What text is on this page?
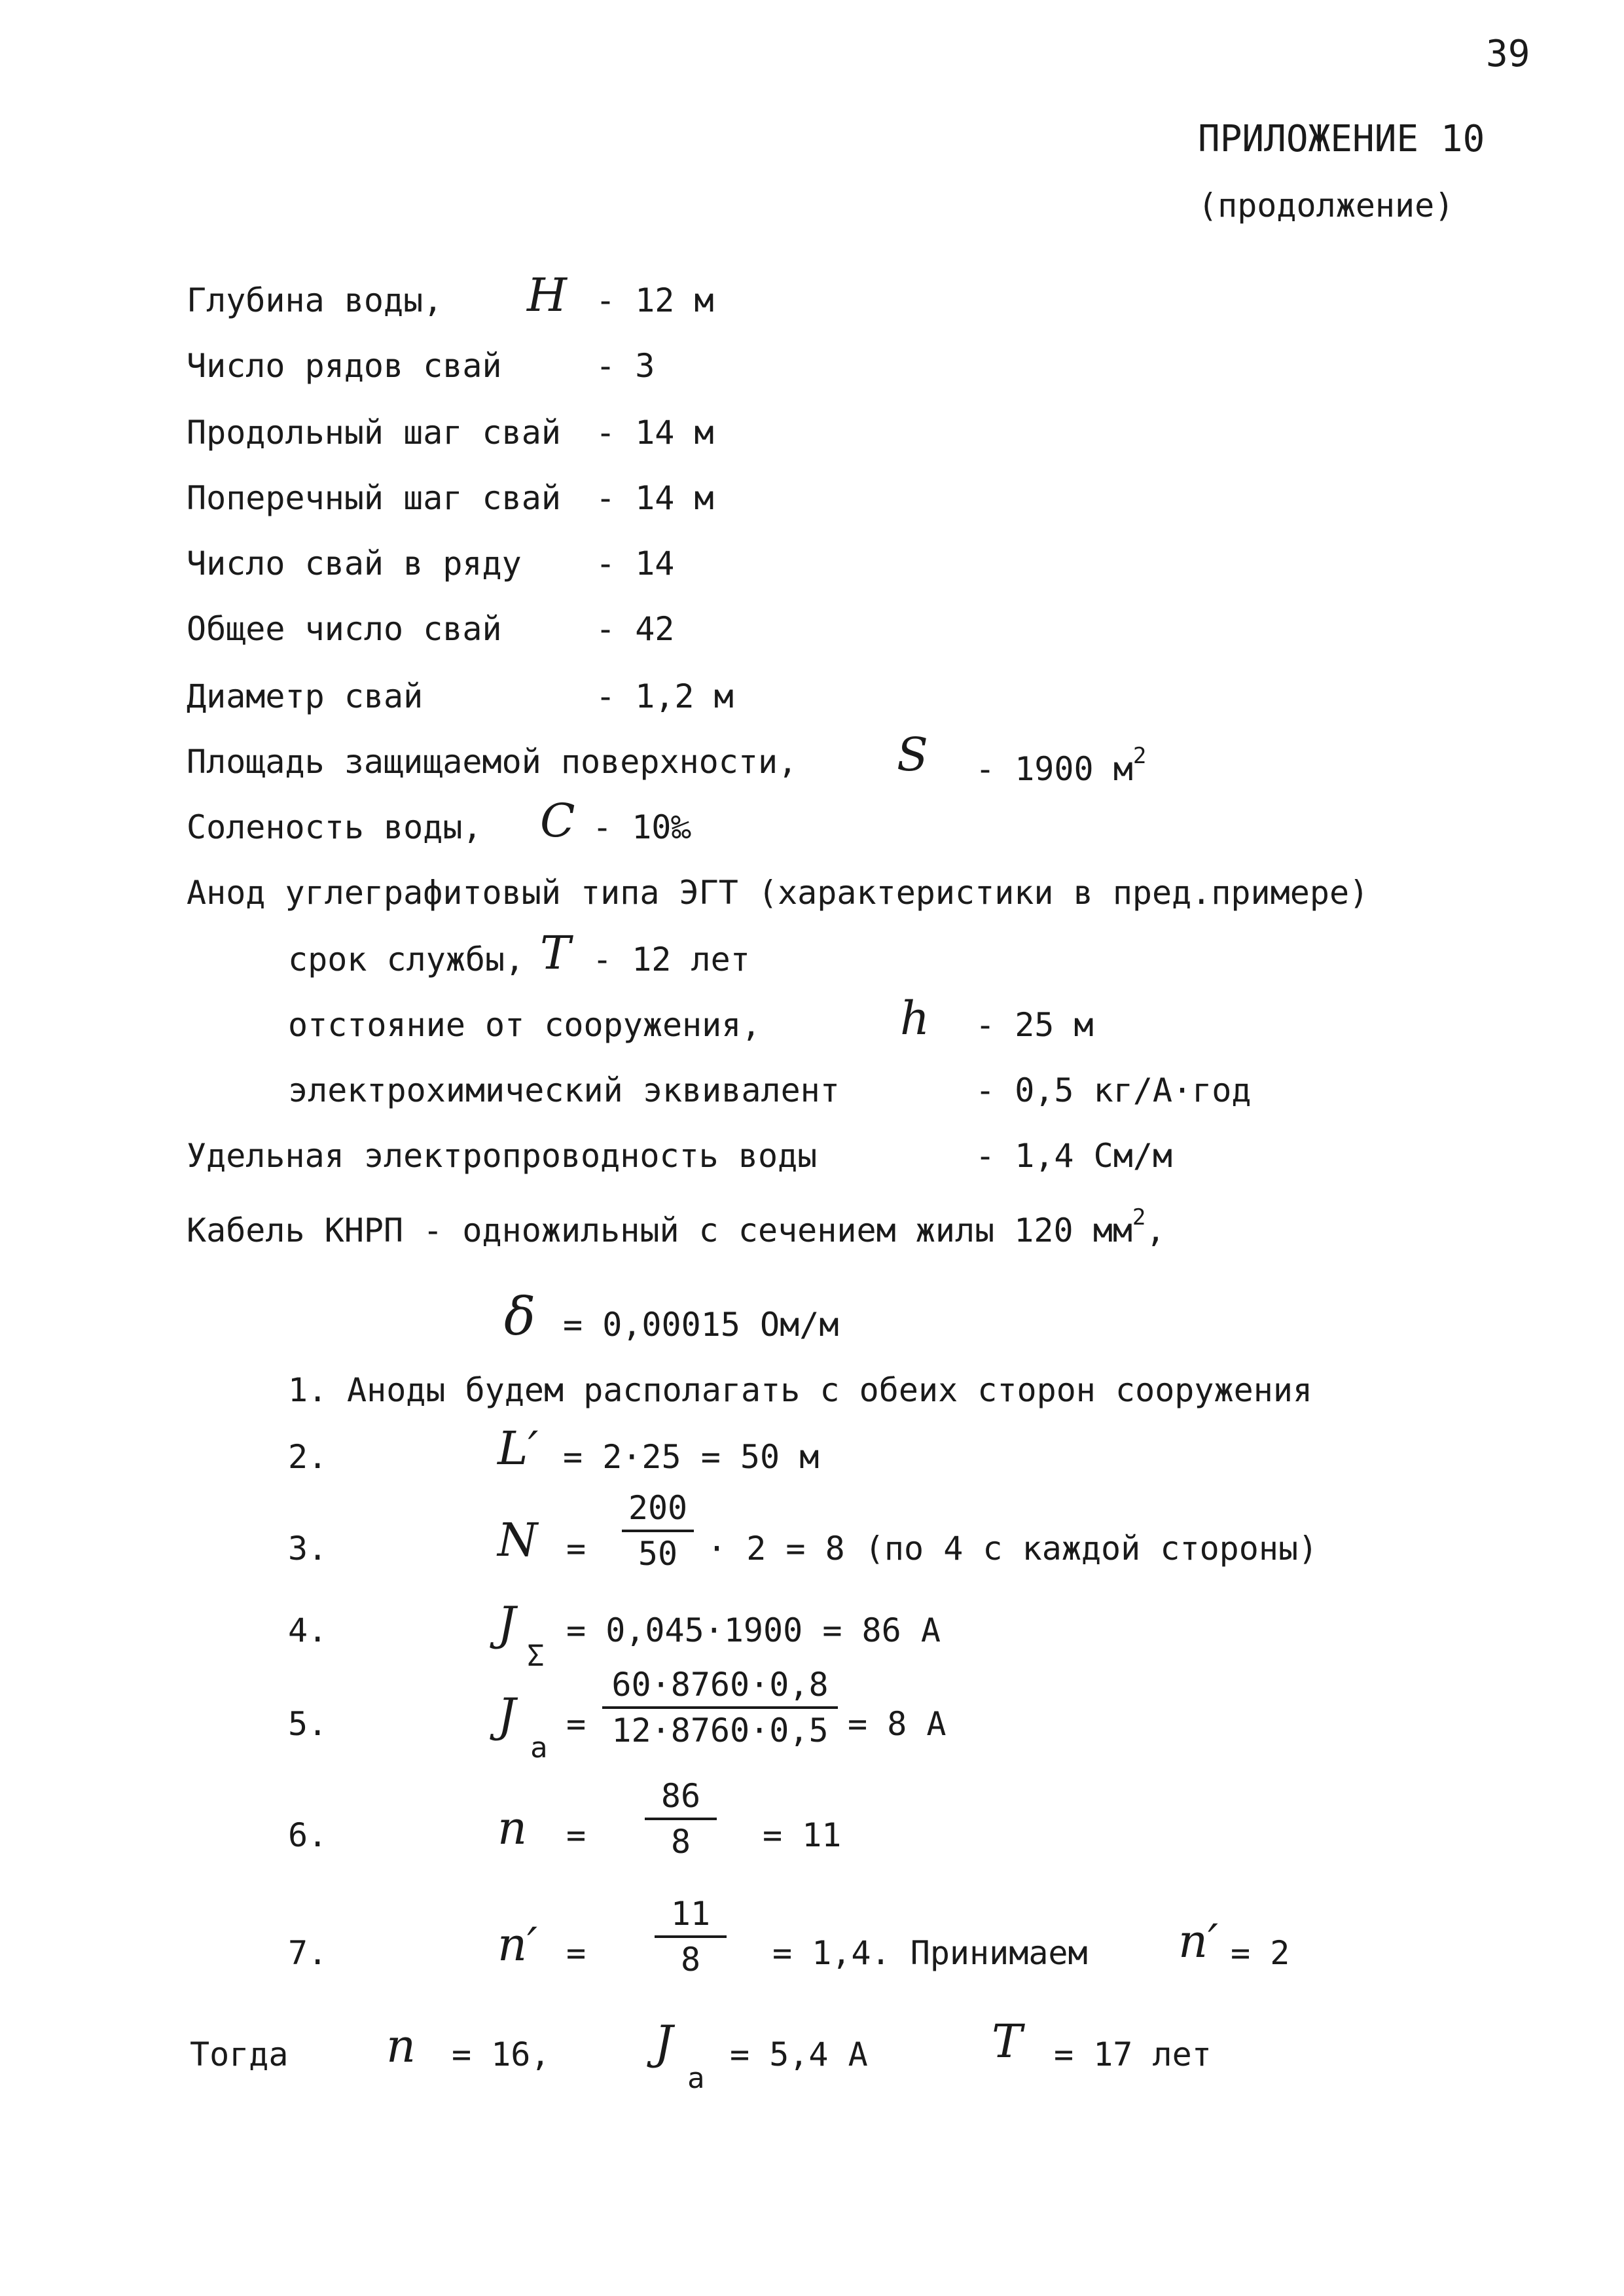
39
ПРИЛОЖЕНИЕ 10
(продолжение)
Глубина воды, H - 12 м
Число рядов свай	- 3
Продольный шаг свай - 14 м
Поперечный шаг свай - 14 м
Число свай в ряду - 14
Общее число свай	- 42
Диаметр свай	- 1,2 м
Площадь защищаемой поверхности, S - 1900 $м^2$
Соленость воды, C - 10‰
Анод углеграфитовый типа ЭГТ (характеристики в пред.примере)
срок службы, T - 12 лет
отстояние от сооружения,	h - 25 м
электрохимический эквивалент	- 0,5 кг/А·год
Удельная электропроводность воды	- 1,4 См/м
Кабель КНРП - одножильный с сечением жилы 120 $мм^2$,
δ = 0,00015 Ом/м
1. Аноды будем располагать с обеих сторон сооружения
2.	L′ = 2·25 = 50 м
3.	$N = \frac{200}{50} \cdot 2 = 8$ (по 4 с каждой стороны)
4.	J
Σ
= 0,045·1900 = 86 А
5.	J
a
= $\frac{60\cdot 8760\cdot 0,8}{12\cdot 8760\cdot 0,5} = 8$ А
6.	$n = \frac{86}{8} = 11$
7.	$n' = \frac{11}{8} = 1,4$. Принимаем n′ = 2
Тогда n = 16, J
a
= 5,4 А	T = 17 лет
